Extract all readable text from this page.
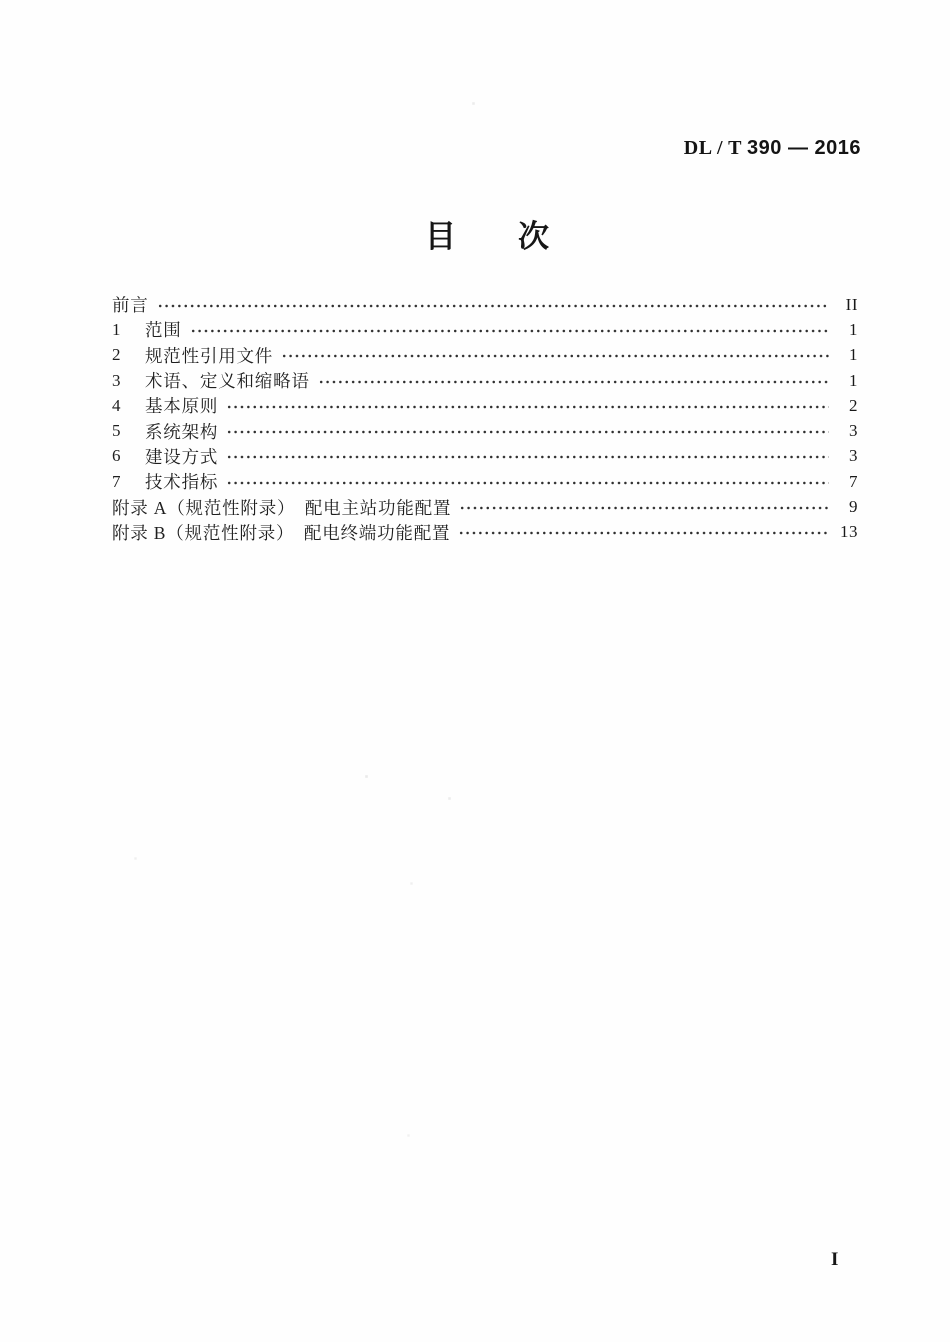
DL / T 390 — 2016
目　　次
前言	II
1	范围	1
2	规范性引用文件	1
3	术语、定义和缩略语	1
4	基本原则	2
5	系统架构	3
6	建设方式	3
7	技术指标	7
附录 A（规范性附录）　配电主站功能配置	9
附录 B（规范性附录）　配电终端功能配置	13
I
